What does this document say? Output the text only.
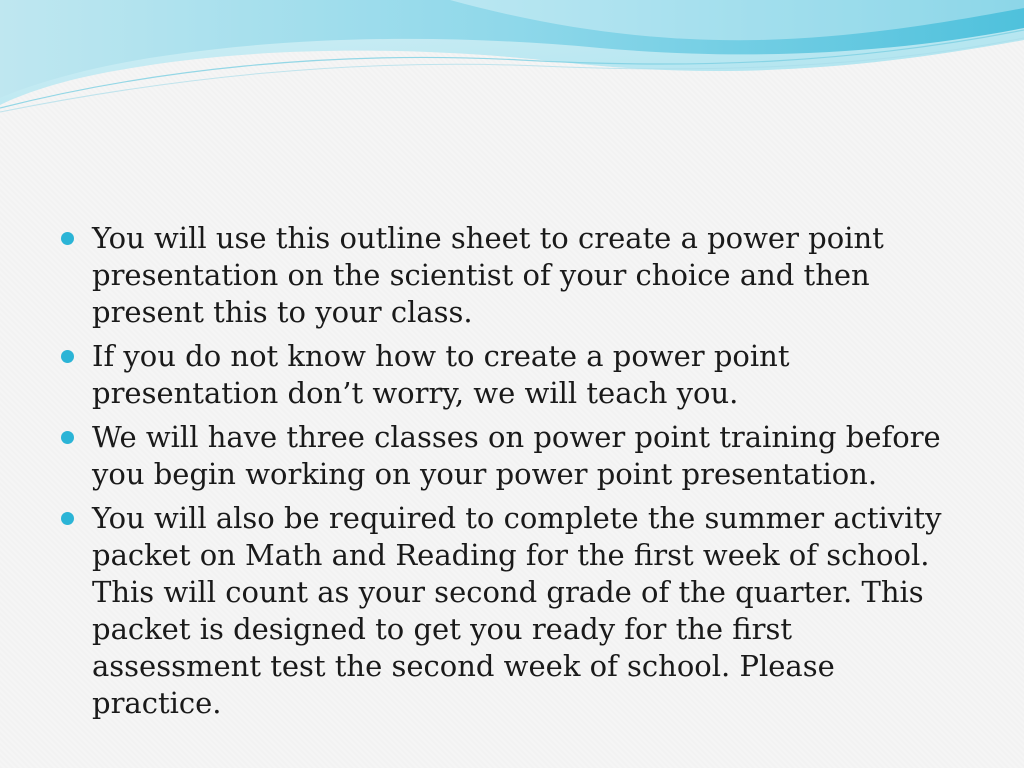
You will use this outline sheet to create a power point presentation on the scientist of your choice and then present this to your class.
If you do not know how to create a power point presentation don’t worry, we will teach you.
We will have three classes on power point training before you begin working on your power point presentation.
You will also be required to complete the summer activity packet on Math and Reading for the first week of school. This will count as your second grade of the quarter. This packet is designed to get you ready for the first assessment test the second week of school. Please practice.
